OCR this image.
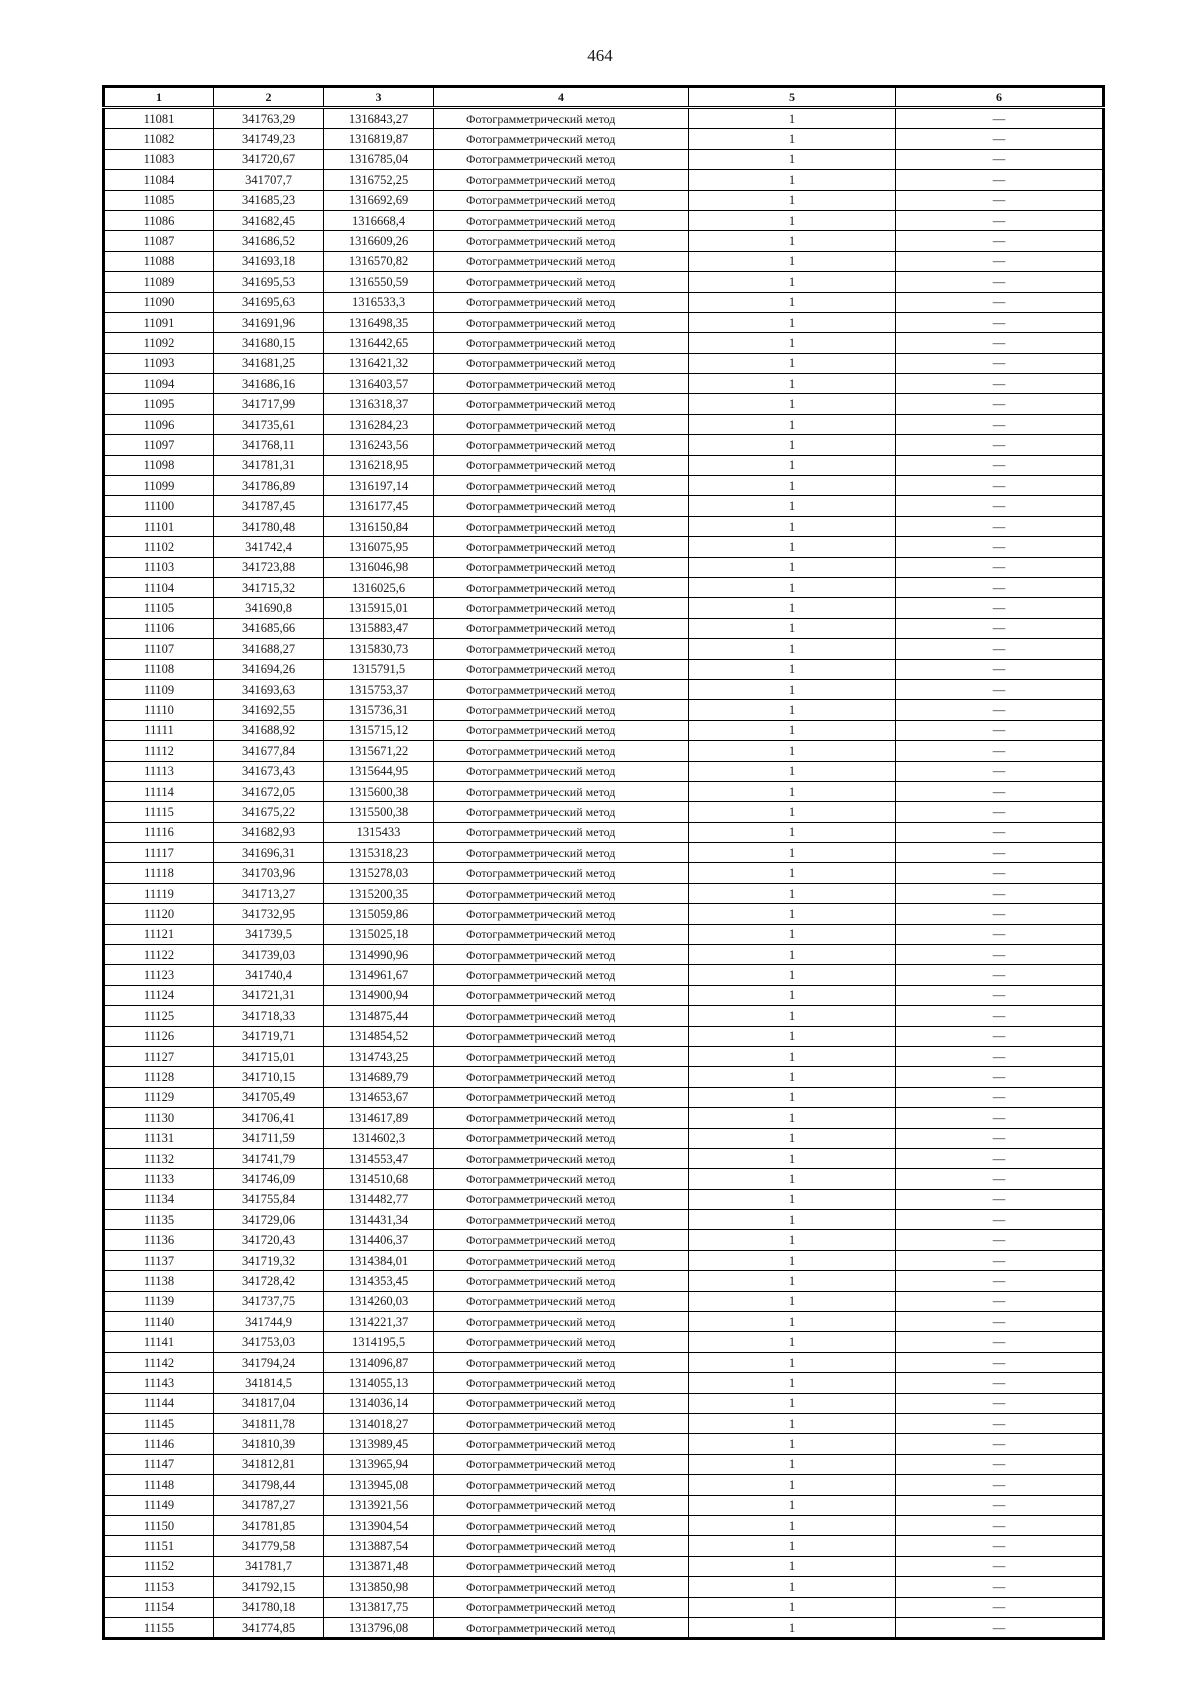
464
1	2	3	4	5	6
11081	341763,29	1316843,27	Фотограмметрический метод	1	—
11082	341749,23	1316819,87	Фотограмметрический метод	1	—
11083	341720,67	1316785,04	Фотограмметрический метод	1	—
11084	341707,7	1316752,25	Фотограмметрический метод	1	—
11085	341685,23	1316692,69	Фотограмметрический метод	1	—
11086	341682,45	1316668,4	Фотограмметрический метод	1	—
11087	341686,52	1316609,26	Фотограмметрический метод	1	—
11088	341693,18	1316570,82	Фотограмметрический метод	1	—
11089	341695,53	1316550,59	Фотограмметрический метод	1	—
11090	341695,63	1316533,3	Фотограмметрический метод	1	—
11091	341691,96	1316498,35	Фотограмметрический метод	1	—
11092	341680,15	1316442,65	Фотограмметрический метод	1	—
11093	341681,25	1316421,32	Фотограмметрический метод	1	—
11094	341686,16	1316403,57	Фотограмметрический метод	1	—
11095	341717,99	1316318,37	Фотограмметрический метод	1	—
11096	341735,61	1316284,23	Фотограмметрический метод	1	—
11097	341768,11	1316243,56	Фотограмметрический метод	1	—
11098	341781,31	1316218,95	Фотограмметрический метод	1	—
11099	341786,89	1316197,14	Фотограмметрический метод	1	—
11100	341787,45	1316177,45	Фотограмметрический метод	1	—
11101	341780,48	1316150,84	Фотограмметрический метод	1	—
11102	341742,4	1316075,95	Фотограмметрический метод	1	—
11103	341723,88	1316046,98	Фотограмметрический метод	1	—
11104	341715,32	1316025,6	Фотограмметрический метод	1	—
11105	341690,8	1315915,01	Фотограмметрический метод	1	—
11106	341685,66	1315883,47	Фотограмметрический метод	1	—
11107	341688,27	1315830,73	Фотограмметрический метод	1	—
11108	341694,26	1315791,5	Фотограмметрический метод	1	—
11109	341693,63	1315753,37	Фотограмметрический метод	1	—
11110	341692,55	1315736,31	Фотограмметрический метод	1	—
11111	341688,92	1315715,12	Фотограмметрический метод	1	—
11112	341677,84	1315671,22	Фотограмметрический метод	1	—
11113	341673,43	1315644,95	Фотограмметрический метод	1	—
11114	341672,05	1315600,38	Фотограмметрический метод	1	—
11115	341675,22	1315500,38	Фотограмметрический метод	1	—
11116	341682,93	1315433	Фотограмметрический метод	1	—
11117	341696,31	1315318,23	Фотограмметрический метод	1	—
11118	341703,96	1315278,03	Фотограмметрический метод	1	—
11119	341713,27	1315200,35	Фотограмметрический метод	1	—
11120	341732,95	1315059,86	Фотограмметрический метод	1	—
11121	341739,5	1315025,18	Фотограмметрический метод	1	—
11122	341739,03	1314990,96	Фотограмметрический метод	1	—
11123	341740,4	1314961,67	Фотограмметрический метод	1	—
11124	341721,31	1314900,94	Фотограмметрический метод	1	—
11125	341718,33	1314875,44	Фотограмметрический метод	1	—
11126	341719,71	1314854,52	Фотограмметрический метод	1	—
11127	341715,01	1314743,25	Фотограмметрический метод	1	—
11128	341710,15	1314689,79	Фотограмметрический метод	1	—
11129	341705,49	1314653,67	Фотограмметрический метод	1	—
11130	341706,41	1314617,89	Фотограмметрический метод	1	—
11131	341711,59	1314602,3	Фотограмметрический метод	1	—
11132	341741,79	1314553,47	Фотограмметрический метод	1	—
11133	341746,09	1314510,68	Фотограмметрический метод	1	—
11134	341755,84	1314482,77	Фотограмметрический метод	1	—
11135	341729,06	1314431,34	Фотограмметрический метод	1	—
11136	341720,43	1314406,37	Фотограмметрический метод	1	—
11137	341719,32	1314384,01	Фотограмметрический метод	1	—
11138	341728,42	1314353,45	Фотограмметрический метод	1	—
11139	341737,75	1314260,03	Фотограмметрический метод	1	—
11140	341744,9	1314221,37	Фотограмметрический метод	1	—
11141	341753,03	1314195,5	Фотограмметрический метод	1	—
11142	341794,24	1314096,87	Фотограмметрический метод	1	—
11143	341814,5	1314055,13	Фотограмметрический метод	1	—
11144	341817,04	1314036,14	Фотограмметрический метод	1	—
11145	341811,78	1314018,27	Фотограмметрический метод	1	—
11146	341810,39	1313989,45	Фотограмметрический метод	1	—
11147	341812,81	1313965,94	Фотограмметрический метод	1	—
11148	341798,44	1313945,08	Фотограмметрический метод	1	—
11149	341787,27	1313921,56	Фотограмметрический метод	1	—
11150	341781,85	1313904,54	Фотограмметрический метод	1	—
11151	341779,58	1313887,54	Фотограмметрический метод	1	—
11152	341781,7	1313871,48	Фотограмметрический метод	1	—
11153	341792,15	1313850,98	Фотограмметрический метод	1	—
11154	341780,18	1313817,75	Фотограмметрический метод	1	—
11155	341774,85	1313796,08	Фотограмметрический метод	1	—
